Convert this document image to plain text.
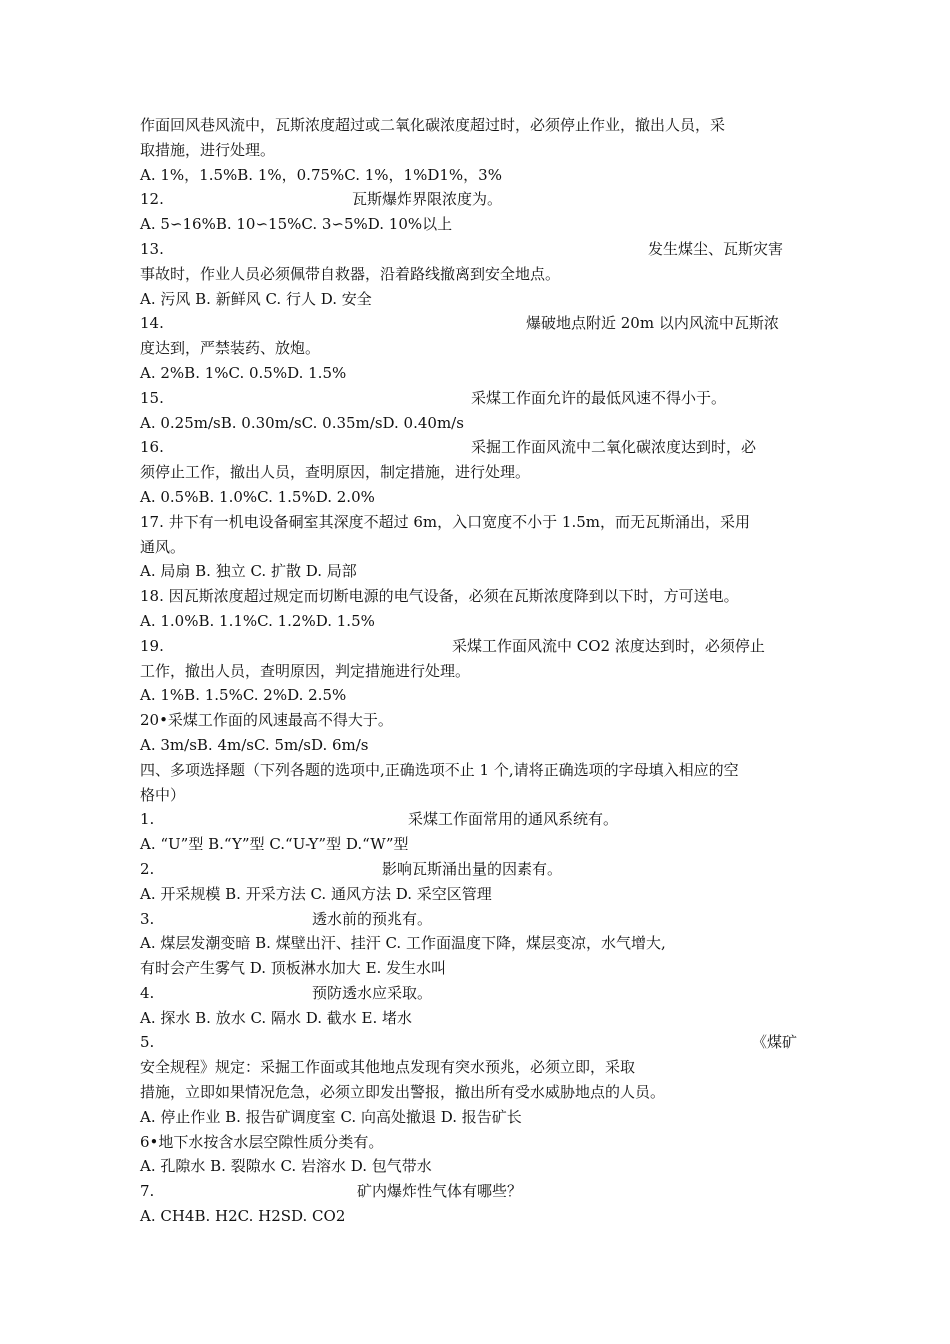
作面回风巷风流中，瓦斯浓度超过或二氧化碳浓度超过时，必须停止作业，撤出人员，采
取措施，进行处理。
A. 1%，1.5%B. 1%，0.75%C. 1%，1%D1%，3%
12.	瓦斯爆炸界限浓度为。
A. 5∽16%B. 10∽15%C. 3∽5%D. 10%以上
13.	发生煤尘、瓦斯灾害
事故时，作业人员必须佩带自救器，沿着路线撤离到安全地点。
A. 污风 B. 新鲜风 C. 行人 D. 安全
14.	爆破地点附近 20m 以内风流中瓦斯浓
度达到，严禁装药、放炮。
A. 2%B. 1%C. 0.5%D. 1.5%
15.	采煤工作面允许的最低风速不得小于。
A. 0.25m/sB. 0.30m/sC. 0.35m/sD. 0.40m/s
16.	采掘工作面风流中二氧化碳浓度达到时，必
须停止工作，撤出人员，查明原因，制定措施，进行处理。
A. 0.5%B. 1.0%C. 1.5%D. 2.0%
17. 井下有一机电设备硐室其深度不超过 6m，入口宽度不小于 1.5m，而无瓦斯涌出，采用
通风。
A. 局扇 B. 独立 C. 扩散 D. 局部
18. 因瓦斯浓度超过规定而切断电源的电气设备，必须在瓦斯浓度降到以下时，方可送电。
A. 1.0%B. 1.1%C. 1.2%D. 1.5%
19.	采煤工作面风流中 CO2 浓度达到时，必须停止
工作，撤出人员，查明原因，判定措施进行处理。
A. 1%B. 1.5%C. 2%D. 2.5%
20•采煤工作面的风速最高不得大于。
A. 3m/sB. 4m/sC. 5m/sD. 6m/s
四、多项选择题（下列各题的选项中,正确选项不止 1 个,请将正确选项的字母填入相应的空
格中）
1.	采煤工作面常用的通风系统有。
A. “U”型 B.“Y”型 C.“U-Y”型 D.“W”型
2.	影响瓦斯涌出量的因素有。
A. 开采规模 B. 开采方法 C. 通风方法 D. 采空区管理
3.	透水前的预兆有。
A. 煤层发潮变暗 B. 煤壁出汗、挂汗 C. 工作面温度下降，煤层变凉，水气增大,
有时会产生雾气 D. 顶板淋水加大 E. 发生水叫
4.	预防透水应采取。
A. 探水 B. 放水 C. 隔水 D. 截水 E. 堵水
5.	《煤矿
安全规程》规定：采掘工作面或其他地点发现有突水预兆，必须立即，采取
措施，立即如果情况危急，必须立即发出警报，撤出所有受水威胁地点的人员。
A. 停止作业 B. 报告矿调度室 C. 向高处撤退 D. 报告矿长
6•地下水按含水层空隙性质分类有。
A. 孔隙水 B. 裂隙水 C. 岩溶水 D. 包气带水
7.	矿内爆炸性气体有哪些？
A. CH4B. H2C. H2SD. CO2
